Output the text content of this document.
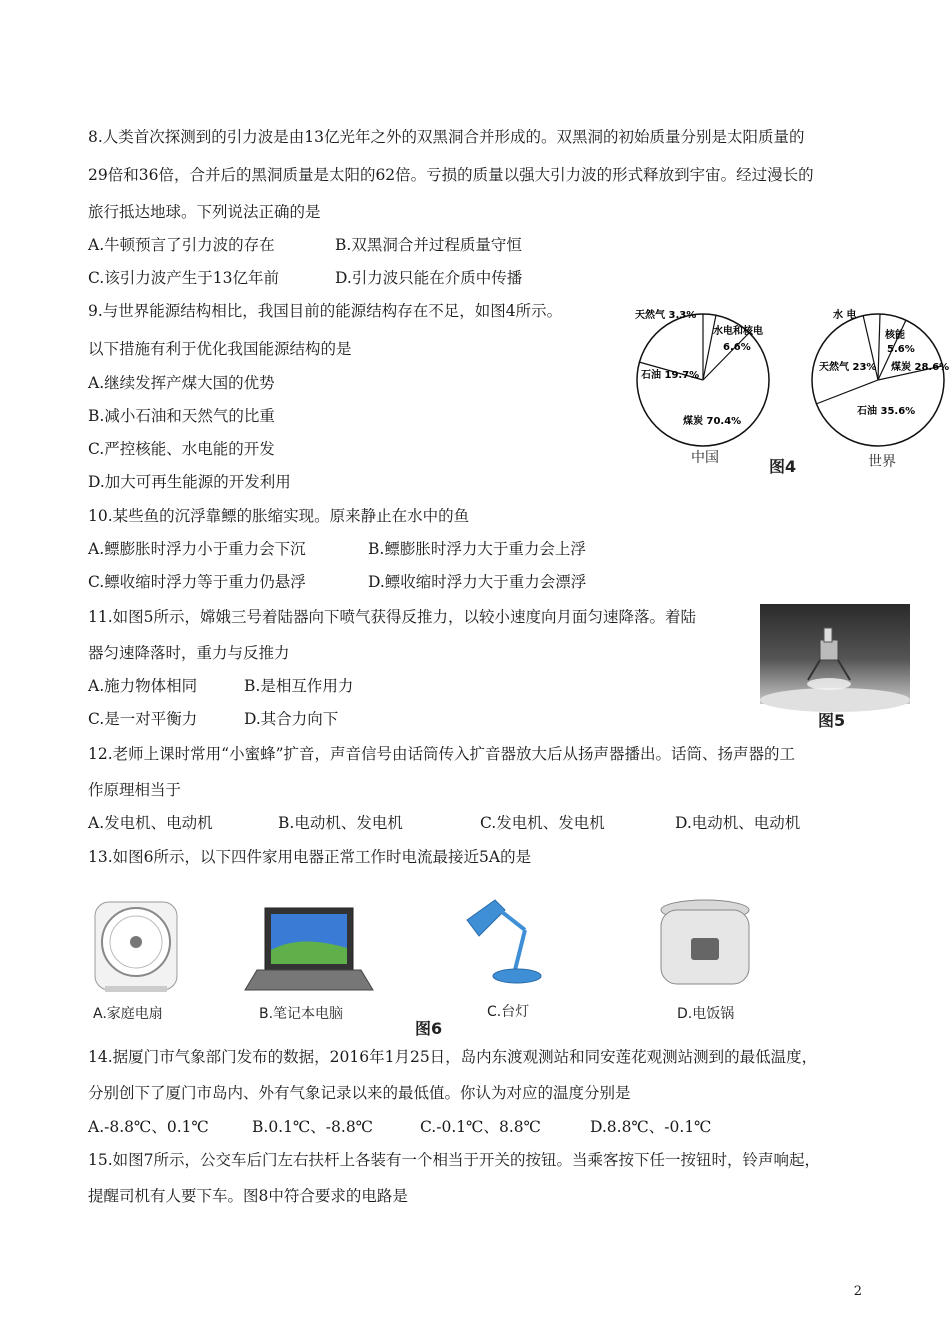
8.人类首次探测到的引力波是由13亿光年之外的双黑洞合并形成的。双黑洞的初始质量分别是太阳质量的
29倍和36倍，合并后的黑洞质量是太阳的62倍。亏损的质量以强大引力波的形式释放到宇宙。经过漫长的
旅行抵达地球。下列说法正确的是
A.牛顿预言了引力波的存在	B.双黑洞合并过程质量守恒
C.该引力波产生于13亿年前	D.引力波只能在介质中传播
9.与世界能源结构相比，我国目前的能源结构存在不足，如图4所示。
以下措施有利于优化我国能源结构的是
A.继续发挥产煤大国的优势
B.减小石油和天然气的比重
C.严控核能、水电能的开发
D.加大可再生能源的开发利用
天然气 3.3%
水电和核电
6.6%
石油 19.7%
煤炭 70.4%
中国	图4
水 电
核能
5.6%
天然气 23% 煤炭 28.6%
石油 35.6%
世界
10.某些鱼的沉浮靠鳔的胀缩实现。原来静止在水中的鱼
A.鳔膨胀时浮力小于重力会下沉	B.鳔膨胀时浮力大于重力会上浮
C.鳔收缩时浮力等于重力仍悬浮	D.鳔收缩时浮力大于重力会漂浮
11.如图5所示，嫦娥三号着陆器向下喷气获得反推力，以较小速度向月面匀速降落。着陆
器匀速降落时，重力与反推力
A.施力物体相同	B.是相互作用力
C.是一对平衡力	D.其合力向下	图5
12.老师上课时常用“小蜜蜂”扩音，声音信号由话筒传入扩音器放大后从扬声器播出。话筒、扬声器的工
作原理相当于
A.发电机、电动机	B.电动机、发电机	C.发电机、发电机	D.电动机、电动机
13.如图6所示，以下四件家用电器正常工作时电流最接近5A的是
A.家庭电扇	B.笔记本电脑	C.台灯	D.电饭锅
图6
14.据厦门市气象部门发布的数据，2016年1月25日，岛内东渡观测站和同安莲花观测站测到的最低温度，
分别创下了厦门市岛内、外有气象记录以来的最低值。你认为对应的温度分别是
A.-8.8℃、0.1℃	B.0.1℃、-8.8℃	C.-0.1℃、8.8℃	D.8.8℃、-0.1℃
15.如图7所示，公交车后门左右扶杆上各装有一个相当于开关的按钮。当乘客按下任一按钮时，铃声响起，
提醒司机有人要下车。图8中符合要求的电路是
2
